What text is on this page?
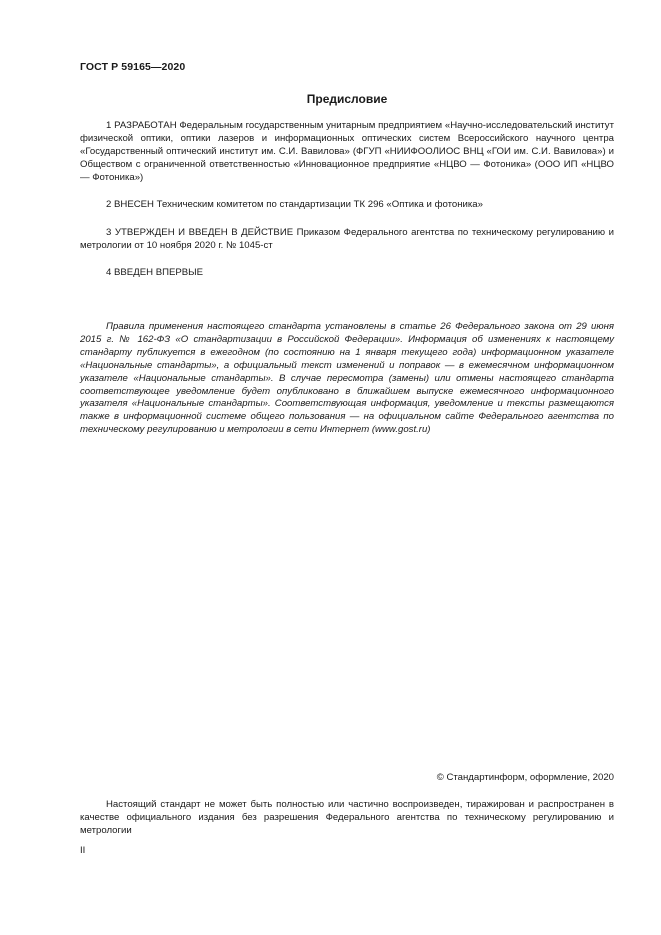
ГОСТ Р 59165—2020
Предисловие

1 РАЗРАБОТАН Федеральным государственным унитарным предприятием «Научно-исследовательский институт физической оптики, оптики лазеров и информационных оптических систем Всероссийского научного центра «Государственный оптический институт им. С.И. Вавилова» (ФГУП «НИИФООЛИОС ВНЦ «ГОИ им. С.И. Вавилова») и Обществом с ограниченной ответственностью «Инновационное предприятие «НЦВО — Фотоника» (ООО ИП «НЦВО — Фотоника»)

2 ВНЕСЕН Техническим комитетом по стандартизации ТК 296 «Оптика и фотоника»

3 УТВЕРЖДЕН И ВВЕДЕН В ДЕЙСТВИЕ Приказом Федерального агентства по техническому регулированию и метрологии от 10 ноября 2020 г. № 1045-ст

4 ВВЕДЕН ВПЕРВЫЕ

Правила применения настоящего стандарта установлены в статье 26 Федерального закона от 29 июня 2015 г. № 162-ФЗ «О стандартизации в Российской Федерации». Информация об изменениях к настоящему стандарту публикуется в ежегодном (по состоянию на 1 января текущего года) информационном указателе «Национальные стандарты», а официальный текст изменений и поправок — в ежемесячном информационном указателе «Национальные стандарты». В случае пересмотра (замены) или отмены настоящего стандарта соответствующее уведомление будет опубликовано в ближайшем выпуске ежемесячного информационного указателя «Национальные стандарты». Соответствующая информация, уведомление и тексты размещаются также в информационной системе общего пользования — на официальном сайте Федерального агентства по техническому регулированию и метрологии в сети Интернет (www.gost.ru)

© Стандартинформ, оформление, 2020

Настоящий стандарт не может быть полностью или частично воспроизведен, тиражирован и распространен в качестве официального издания без разрешения Федерального агентства по техническому регулированию и метрологии

II
